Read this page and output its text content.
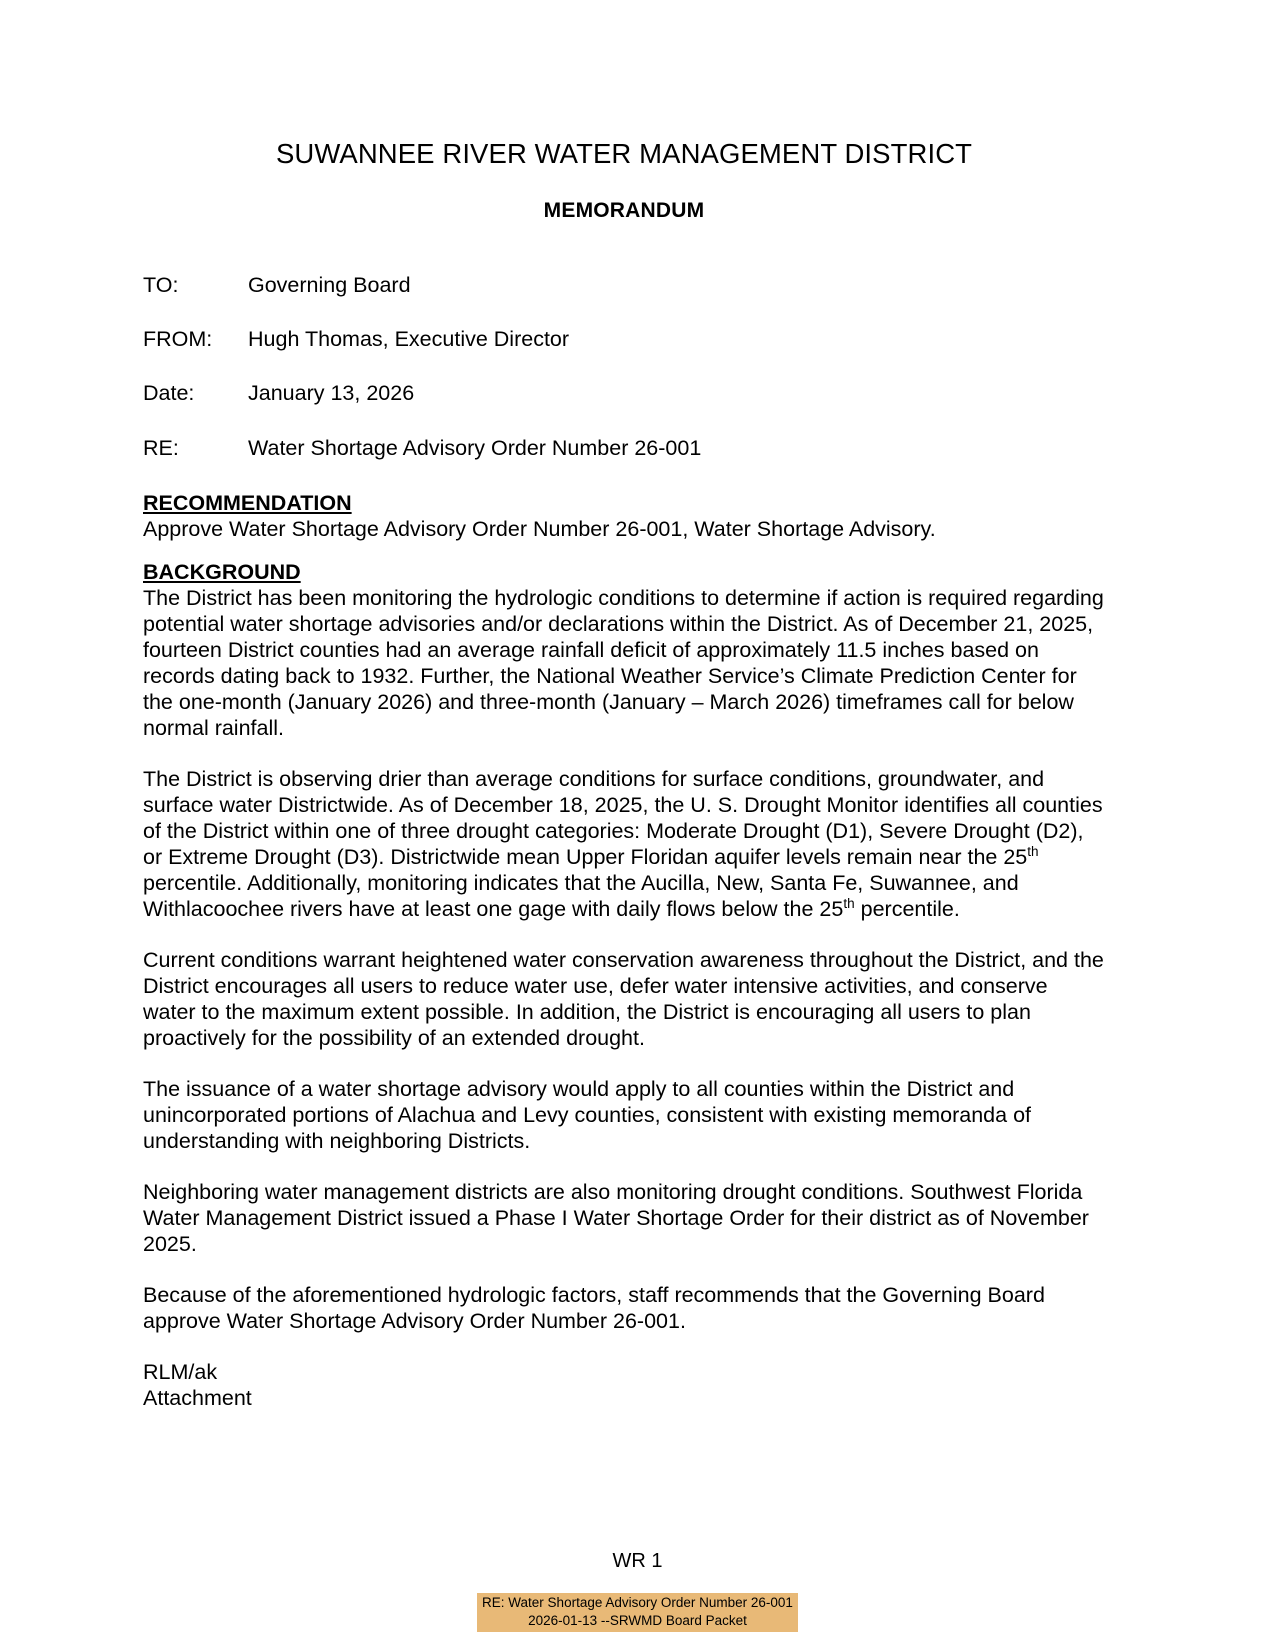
SUWANNEE RIVER WATER MANAGEMENT DISTRICT
MEMORANDUM
TO:	Governing Board
FROM:	Hugh Thomas, Executive Director
Date:	January 13, 2026
RE:	Water Shortage Advisory Order Number 26-001
RECOMMENDATION

Approve Water Shortage Advisory Order Number 26-001, Water Shortage Advisory.

BACKGROUND

The District has been monitoring the hydrologic conditions to determine if action is required regarding potential water shortage advisories and/or declarations within the District. As of December 21, 2025, fourteen District counties had an average rainfall deficit of approximately 11.5 inches based on records dating back to 1932. Further, the National Weather Service’s Climate Prediction Center for the one-month (January 2026) and three-month (January – March 2026) timeframes call for below normal rainfall.

The District is observing drier than average conditions for surface conditions, groundwater, and surface water Districtwide. As of December 18, 2025, the U. S. Drought Monitor identifies all counties of the District within one of three drought categories: Moderate Drought (D1), Severe Drought (D2), or Extreme Drought (D3). Districtwide mean Upper Floridan aquifer levels remain near the 25th percentile. Additionally, monitoring indicates that the Aucilla, New, Santa Fe, Suwannee, and Withlacoochee rivers have at least one gage with daily flows below the 25th percentile.

Current conditions warrant heightened water conservation awareness throughout the District, and the District encourages all users to reduce water use, defer water intensive activities, and conserve water to the maximum extent possible. In addition, the District is encouraging all users to plan proactively for the possibility of an extended drought.

The issuance of a water shortage advisory would apply to all counties within the District and unincorporated portions of Alachua and Levy counties, consistent with existing memoranda of understanding with neighboring Districts.

Neighboring water management districts are also monitoring drought conditions. Southwest Florida Water Management District issued a Phase I Water Shortage Order for their district as of November 2025.

Because of the aforementioned hydrologic factors, staff recommends that the Governing Board approve Water Shortage Advisory Order Number 26-001.

RLM/ak
Attachment
WR 1
RE: Water Shortage Advisory Order Number 26-001
2026-01-13 --SRWMD Board Packet
